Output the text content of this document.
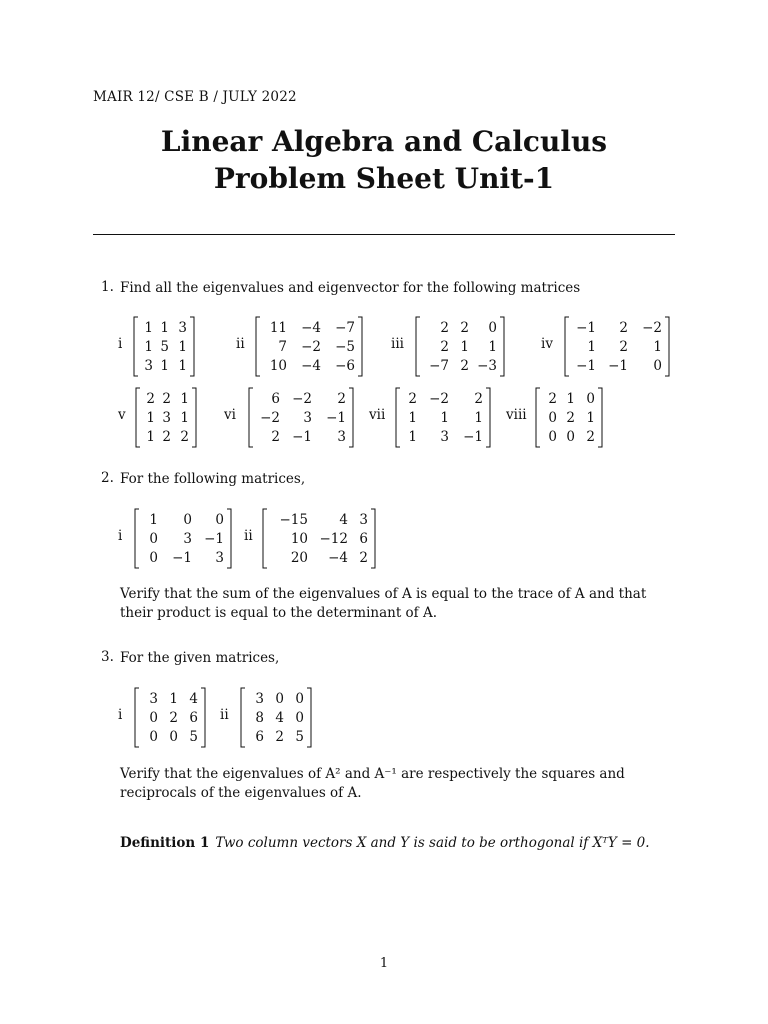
MAIR 12/ CSE B / JULY 2022
Linear Algebra and Calculus
Problem Sheet Unit-1
1. Find all the eigenvalues and eigenvector for the following matrices
i
1 1 3
1 5 1
3 1 1
ii
11 −4 −7
7 −2 −5
10 −4 −6
iii
2 2 0
2 1 1
−7 2 −3
iv
−1 2 −2
1 2 1
−1 −1 0
v
2 2 1
1 3 1
1 2 2
vi
6 −2 2
−2 3 −1
2 −1 3
vii
2 −2 2
1 1 1
1 3 −1
viii
2 1 0
0 2 1
0 0 2
2. For the following matrices,
i
1 0 0
0 3 −1
0 −1 3
ii
−15 4 3
10 −12 6
20 −4 2
Verify that the sum of the eigenvalues of A is equal to the trace of A and that their product is equal to the determinant of A.
3. For the given matrices,
i
3 1 4
0 2 6
0 0 5
ii
3 0 0
8 4 0
6 2 5
Verify that the eigenvalues of A² and A⁻¹ are respectively the squares and reciprocals of the eigenvalues of A.
Definition 1 Two column vectors X and Y is said to be orthogonal if XᵀY = 0.
1
